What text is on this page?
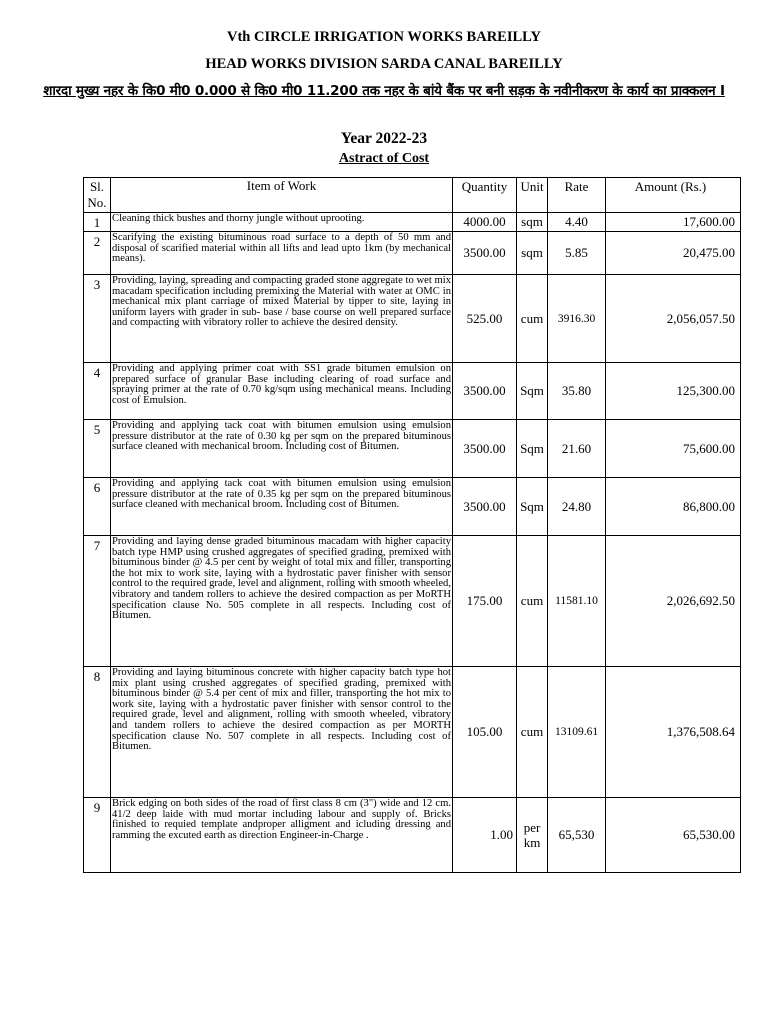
Vth CIRCLE IRRIGATION WORKS BAREILLY
HEAD WORKS DIVISION SARDA CANAL BAREILLY
शारदा मुख्य नहर के कि0 मी0 0.000 से कि0 मी0 11.200 तक नहर के बांये बैंक पर बनी सड़क के नवीनीकरण के कार्य का प्राक्कलन I
Year 2022-23
Astract of Cost
Sl. No.	Item of Work	Quantity	Unit	Rate	Amount (Rs.)
1	Cleaning thick bushes and thorny jungle without uprooting.	4000.00	sqm	4.40	17,600.00
2	Scarifying the existing bituminous road surface to a depth of 50 mm and disposal of scarified material within all lifts and lead upto 1km (by mechanical means).	3500.00	sqm	5.85	20,475.00
3	Providing, laying, spreading and compacting graded stone aggregate to wet mix macadam specification including premixing the Material with water at OMC in mechanical mix plant carriage of mixed Material by tipper to site, laying in uniform layers with grader in sub- base / base course on well prepared surface and compacting with vibratory roller to achieve the desired density.	525.00	cum	3916.30	2,056,057.50
4	Providing and applying primer coat with SS1 grade bitumen emulsion on prepared surface of granular Base including clearing of road surface and spraying primer at the rate of 0.70 kg/sqm using mechanical means. Including cost of Emulsion.	3500.00	Sqm	35.80	125,300.00
5	Providing and applying tack coat with bitumen emulsion using emulsion pressure distributor at the rate of 0.30 kg per sqm on the prepared bituminous surface cleaned with mechanical broom. Including cost of Bitumen.	3500.00	Sqm	21.60	75,600.00
6	Providing and applying tack coat with bitumen emulsion using emulsion pressure distributor at the rate of 0.35 kg per sqm on the prepared bituminous surface cleaned with mechanical broom. Including cost of Bitumen.	3500.00	Sqm	24.80	86,800.00
7	Providing and laying dense graded bituminous macadam with higher capacity batch type HMP using crushed aggregates of specified grading, premixed with bituminous binder @ 4.5 per cent by weight of total mix and filler, transporting the hot mix to work site, laying with a hydrostatic paver finisher with sensor control to the required grade, level and alignment, rolling with smooth wheeled, vibratory and tandem rollers to achieve the desired compaction as per MoRTH specification clause No. 505 complete in all respects. Including cost of Bitumen.	175.00	cum	11581.10	2,026,692.50
8	Providing and laying bituminous concrete with higher capacity batch type hot mix plant using crushed aggregates of specified grading, premixed with bituminous binder @ 5.4 per cent of mix and filler, transporting the hot mix to work site, laying with a hydrostatic paver finisher with sensor control to the required grade, level and alignment, rolling with smooth wheeled, vibratory and tandem rollers to achieve the desired compaction as per MORTH specification clause No. 507 complete in all respects. Including cost of Bitumen.	105.00	cum	13109.61	1,376,508.64
9	Brick edging on both sides of the road of first class 8 cm (3") wide and 12 cm. 41/2 deep laide with mud mortar including labour and supply of. Bricks finished to requied template andproper alligment and icluding dressing and ramming the excuted earth as direction Engineer-in-Charge .	1.00	per km	65,530	65,530.00
